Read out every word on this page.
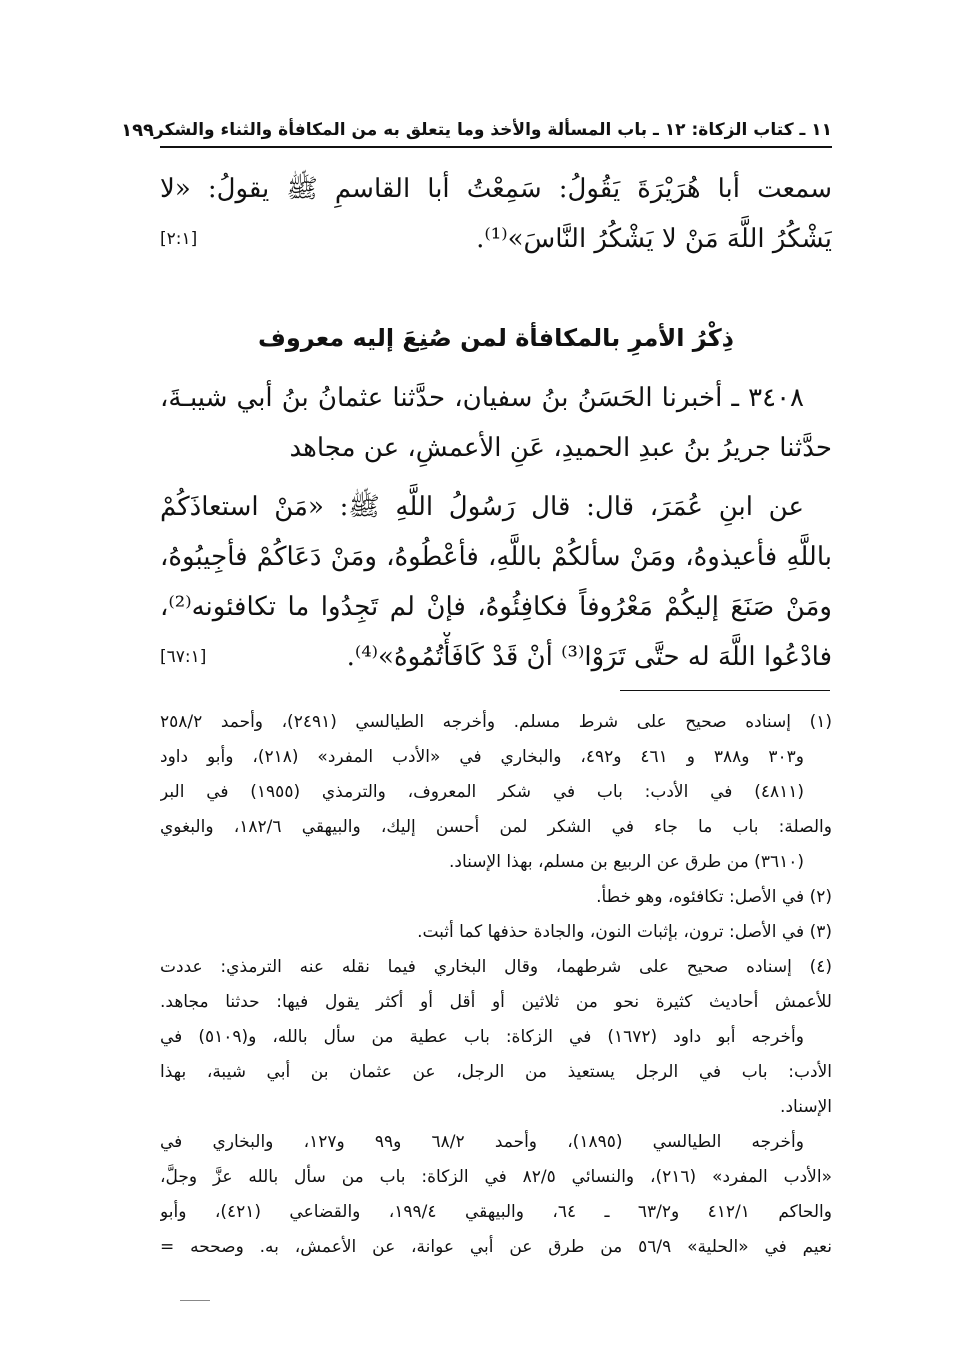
١١ ـ كتاب الزكاة: ١٢ ـ باب المسألة والأخذ وما يتعلق به من المكافأة والثناء والشكر
١٩٩
سمعت أبا هُرَيْرَةَ يَقُولُ: سَمِعْتُ أبا القاسمِ ﷺ يقولُ: «لا
يَشْكُرُ اللَّهَ مَنْ لا يَشْكُرُ النَّاسَ»⁽¹⁾.
[٢:١]
ذِكْرُ الأمرِ بالمكافأة لمن صُنِعَ إليه معروف
٣٤٠٨ ـ أخبرنا الحَسَنُ بنُ سفيان، حدَّثنا عثمانُ بنُ أبي شيبـةَ،
حدَّثنا جريرُ بنُ عبدِ الحميدِ، عَنِ الأعمشِ، عن مجاهد
عن ابنِ عُمَرَ، قال: قال رَسُولُ اللَّهِ ﷺ: «مَنْ استعاذَكُمْ
باللَّهِ فأعيذوهُ، ومَنْ سألكُمْ باللَّهِ، فأعْطُوهُ، ومَنْ دَعَاكُمْ فأجِيبُوهُ،
ومَنْ صَنَعَ إليكُمْ مَعْرُوفاً فكافِئُوهُ، فإنْ لم تَجِدُوا ما تكافئونه⁽²⁾،
فادْعُوا اللَّهَ له حتَّى تَرَوْا⁽³⁾ أنْ قَدْ كَافَأْتُمُوهُ»⁽⁴⁾.
[٦٧:١]
(١) إسناده صحيح على شرط مسلم. وأخرجه الطيالسي (٢٤٩١)، وأحمد ٢٥٨/٢
و٣٠٣ و٣٨٨ و ٤٦١ و٤٩٢، والبخاري في «الأدب المفرد» (٢١٨)، وأبو داود
(٤٨١١) في الأدب: باب في شكر المعروف، والترمذي (١٩٥٥) في البر
والصلة: باب ما جاء في الشكر لمن أحسن إليك، والبيهقي ١٨٢/٦، والبغوي
(٣٦١٠) من طرق عن الربيع بن مسلم، بهذا الإسناد.
(٢) في الأصل: تكافئوه، وهو خطأ.
(٣) في الأصل: ترون، بإثبات النون، والجادة حذفها كما أثبت.
(٤) إسناده صحيح على شرطهما، وقال البخاري فيما نقله عنه الترمذي: عددت
للأعمش أحاديث كثيرة نحو من ثلاثين أو أقل أو أكثر يقول فيها: حدثنا مجاهد.
وأخرجه أبو داود (١٦٧٢) في الزكاة: باب عطية من سأل بالله، و(٥١٠٩) في
الأدب: باب في الرجل يستعيذ من الرجل، عن عثمان بن أبي شيبة، بهذا
الإسناد.
وأخرجه الطيالسي (١٨٩٥)، وأحمد ٦٨/٢ و٩٩ و١٢٧، والبخاري في
«الأدب المفرد» (٢١٦)، والنسائي ٨٢/٥ في الزكاة: باب من سأل بالله عزَّ وجلَّ،
والحاكم ٤١٢/١ و٦٣/٢ ـ ٦٤، والبيهقي ١٩٩/٤، والقضاعي (٤٢١)، وأبو
نعيم في «الحلية» ٥٦/٩ من طرق عن أبي عوانة، عن الأعمش، به. وصححه =
